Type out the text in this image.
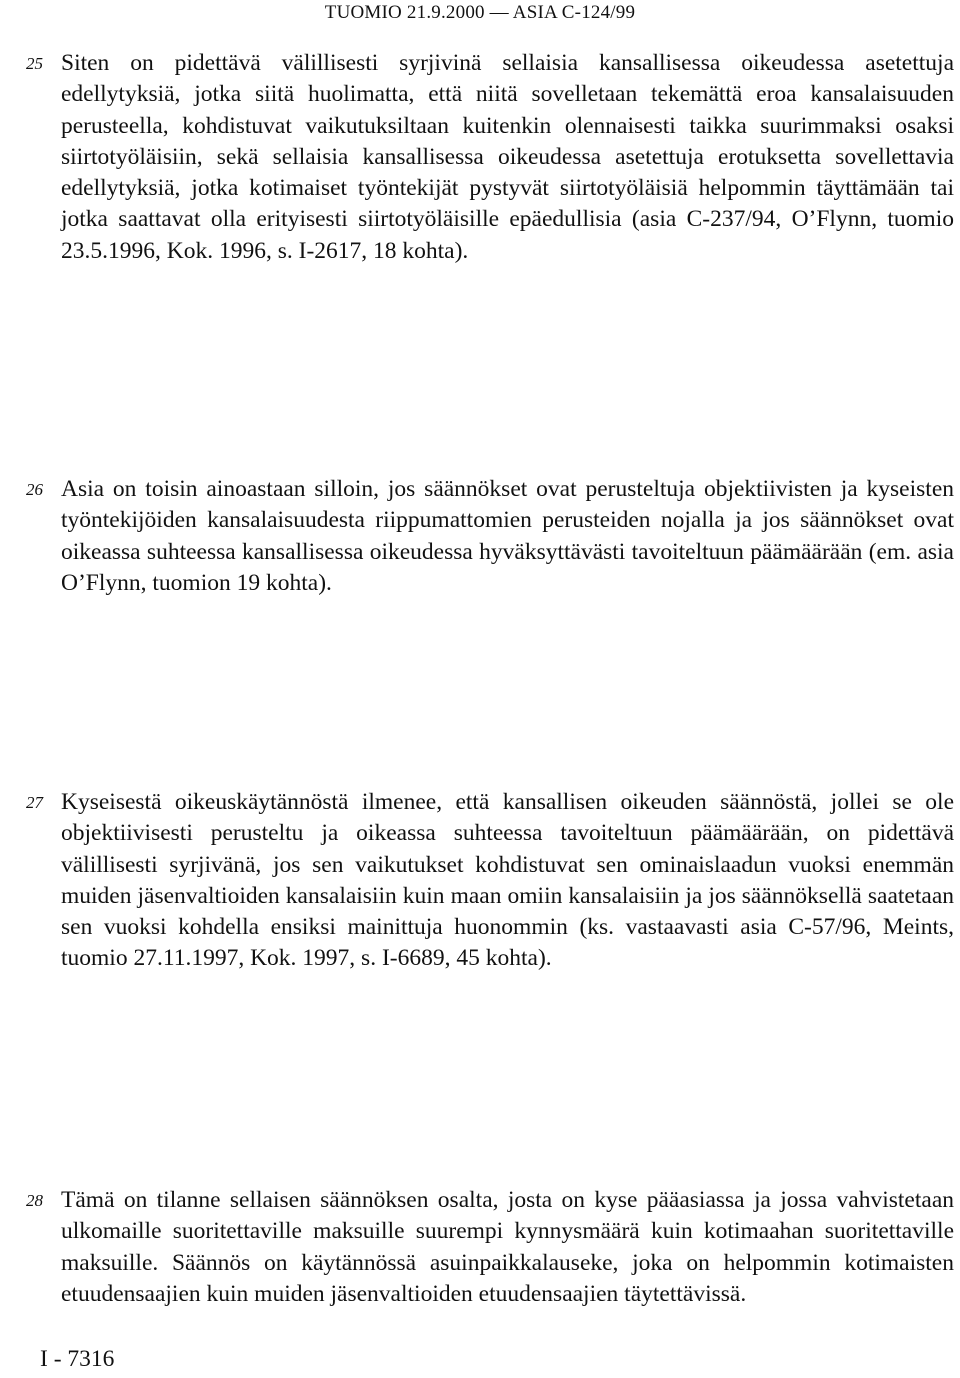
TUOMIO 21.9.2000 — ASIA C-124/99
25 Siten on pidettävä välillisesti syrjivinä sellaisia kansallisessa oikeudessa asetettuja edellytyksiä, jotka siitä huolimatta, että niitä sovelletaan tekemättä eroa kansalaisuuden perusteella, kohdistuvat vaikutuksiltaan kuitenkin olennaisesti taikka suurimmaksi osaksi siirtotyöläisiin, sekä sellaisia kansallisessa oikeudessa asetettuja erotuksetta sovellettavia edellytyksiä, jotka kotimaiset työntekijät pystyvät siirtotyöläisiä helpommin täyttämään tai jotka saattavat olla erityisesti siirtotyöläisille epäedullisia (asia C-237/94, O’Flynn, tuomio 23.5.1996, Kok. 1996, s. I-2617, 18 kohta).
26 Asia on toisin ainoastaan silloin, jos säännökset ovat perusteltuja objektiivisten ja kyseisten työntekijöiden kansalaisuudesta riippumattomien perusteiden nojalla ja jos säännökset ovat oikeassa suhteessa kansallisessa oikeudessa hyväksyttävästi tavoiteltuun päämäärään (em. asia O’Flynn, tuomion 19 kohta).
27 Kyseisestä oikeuskäytännöstä ilmenee, että kansallisen oikeuden säännöstä, jollei se ole objektiivisesti perusteltu ja oikeassa suhteessa tavoiteltuun päämäärään, on pidettävä välillisesti syrjivänä, jos sen vaikutukset kohdistuvat sen ominaislaadun vuoksi enemmän muiden jäsenvaltioiden kansalaisiin kuin maan omiin kansalaisiin ja jos säännöksellä saatetaan sen vuoksi kohdella ensiksi mainittuja huonommin (ks. vastaavasti asia C-57/96, Meints, tuomio 27.11.1997, Kok. 1997, s. I-6689, 45 kohta).
28 Tämä on tilanne sellaisen säännöksen osalta, josta on kyse pääasiassa ja jossa vahvistetaan ulkomaille suoritettaville maksuille suurempi kynnysmäärä kuin kotimaahan suoritettaville maksuille. Säännös on käytännössä asuinpaikkalauseke, joka on helpommin kotimaisten etuudensaajien kuin muiden jäsenvaltioiden etuudensaajien täytettävissä.
I - 7316
